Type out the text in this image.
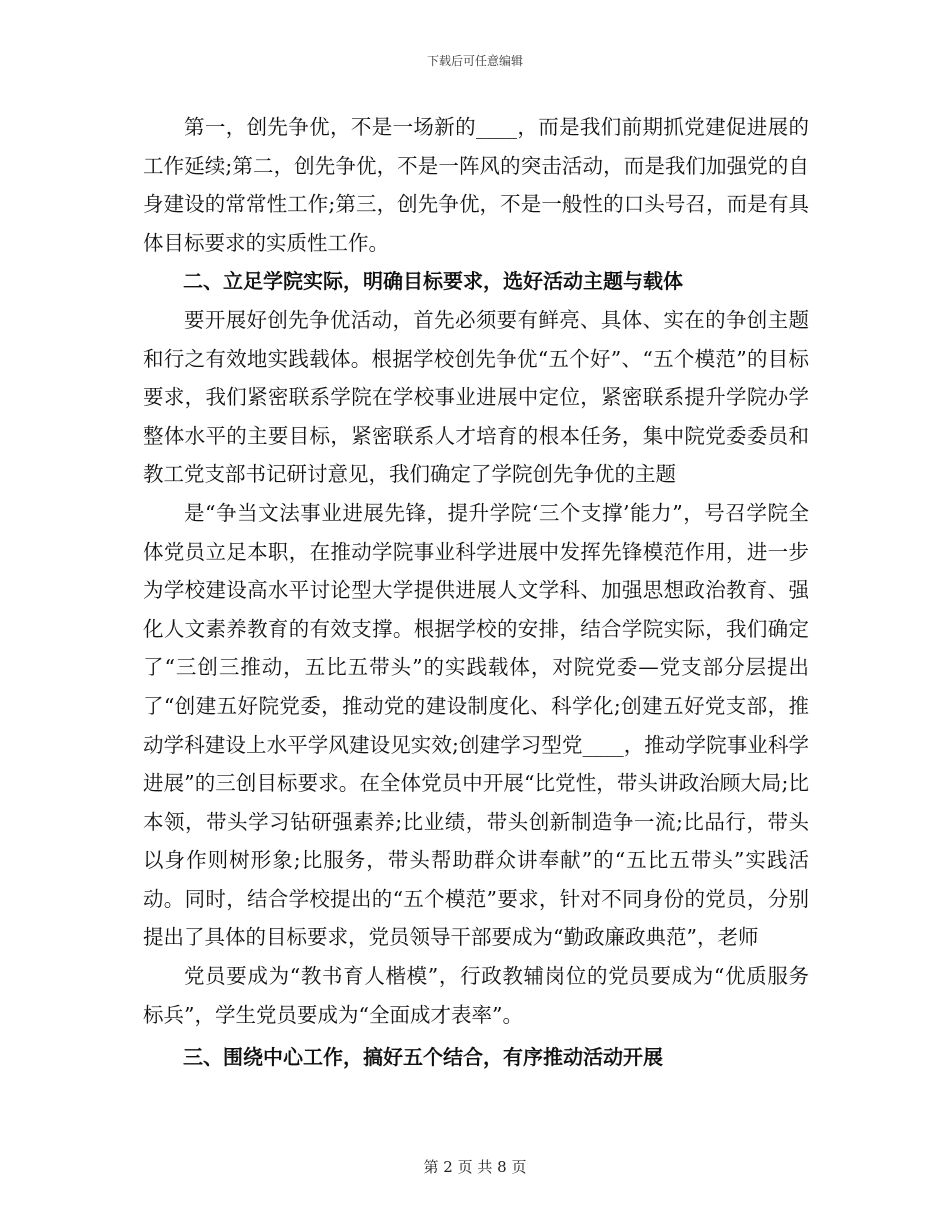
下载后可任意编辑

第一，创先争优，不是一场新的____，而是我们前期抓党建促进展的工作延续;第二，创先争优，不是一阵风的突击活动，而是我们加强党的自身建设的常常性工作;第三，创先争优，不是一般性的口头号召，而是有具体目标要求的实质性工作。

二、立足学院实际，明确目标要求，选好活动主题与载体

要开展好创先争优活动，首先必须要有鲜亮、具体、实在的争创主题和行之有效地实践载体。根据学校创先争优“五个好”、“五个模范”的目标要求，我们紧密联系学院在学校事业进展中定位，紧密联系提升学院办学整体水平的主要目标，紧密联系人才培育的根本任务，集中院党委委员和教工党支部书记研讨意见，我们确定了学院创先争优的主题

是“争当文法事业进展先锋，提升学院‘三个支撑’能力”，号召学院全体党员立足本职，在推动学院事业科学进展中发挥先锋模范作用，进一步为学校建设高水平讨论型大学提供进展人文学科、加强思想政治教育、强化人文素养教育的有效支撑。根据学校的安排，结合学院实际，我们确定了“三创三推动，五比五带头”的实践载体，对院党委—党支部分层提出了“创建五好院党委，推动党的建设制度化、科学化;创建五好党支部，推动学科建设上水平学风建设见实效;创建学习型党____，推动学院事业科学进展”的三创目标要求。在全体党员中开展“比党性，带头讲政治顾大局;比本领，带头学习钻研强素养;比业绩，带头创新制造争一流;比品行，带头以身作则树形象;比服务，带头帮助群众讲奉献”的“五比五带头”实践活动。同时，结合学校提出的“五个模范”要求，针对不同身份的党员，分别提出了具体的目标要求，党员领导干部要成为“勤政廉政典范”，老师

党员要成为“教书育人楷模”，行政教辅岗位的党员要成为“优质服务标兵”，学生党员要成为“全面成才表率”。

三、围绕中心工作，搞好五个结合，有序推动活动开展

第 2 页 共 8 页
